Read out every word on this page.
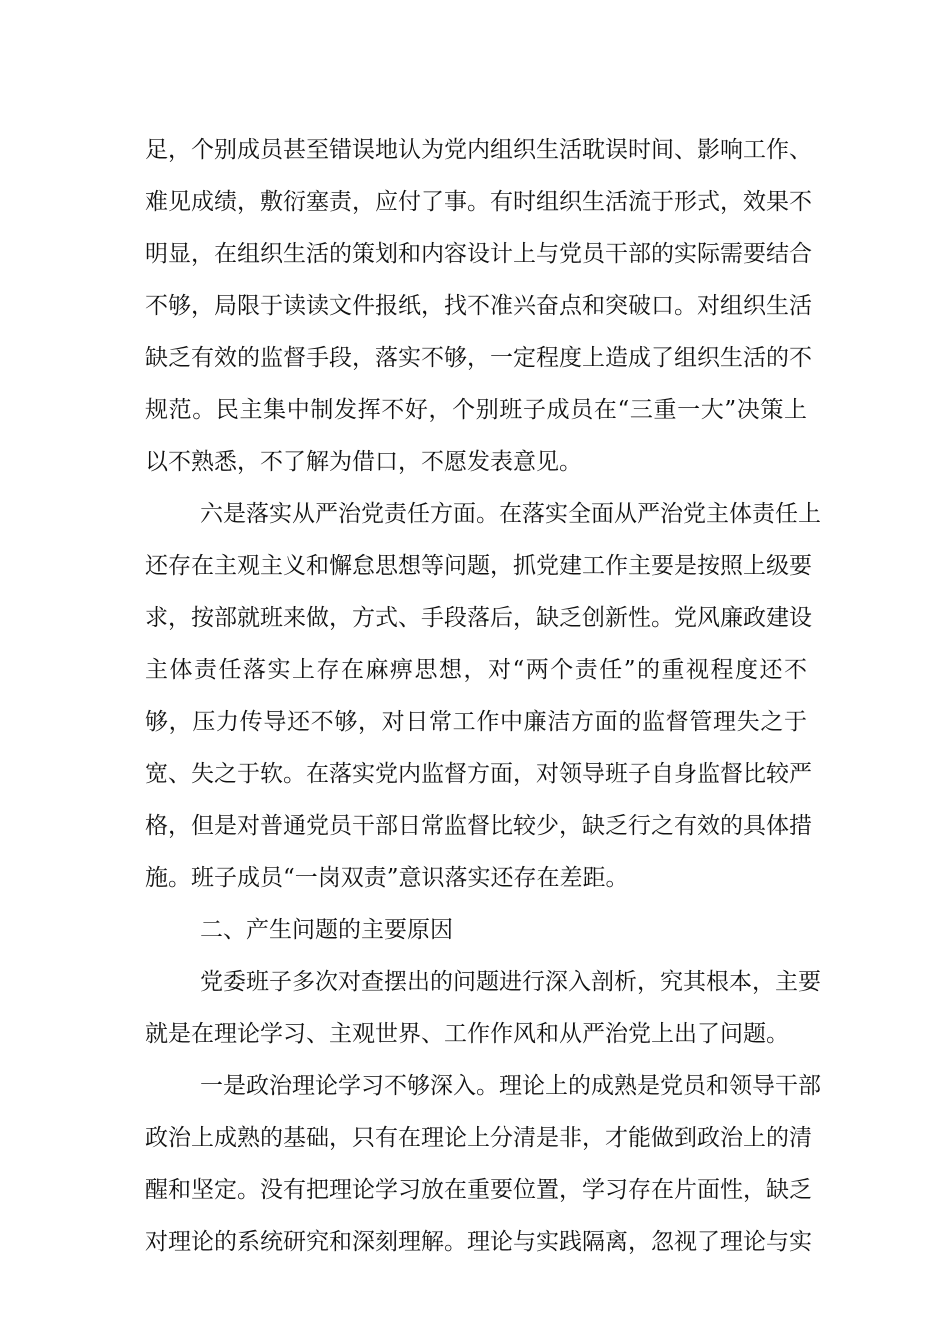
足，个别成员甚至错误地认为党内组织生活耽误时间、影响工作、
难见成绩，敷衍塞责，应付了事。有时组织生活流于形式，效果不
明显，在组织生活的策划和内容设计上与党员干部的实际需要结合
不够，局限于读读文件报纸，找不准兴奋点和突破口。对组织生活
缺乏有效的监督手段，落实不够，一定程度上造成了组织生活的不
规范。民主集中制发挥不好，个别班子成员在“三重一大”决策上
以不熟悉，不了解为借口，不愿发表意见。
六是落实从严治党责任方面。在落实全面从严治党主体责任上
还存在主观主义和懈怠思想等问题，抓党建工作主要是按照上级要
求，按部就班来做，方式、手段落后，缺乏创新性。党风廉政建设
主体责任落实上存在麻痹思想，对“两个责任”的重视程度还不
够，压力传导还不够，对日常工作中廉洁方面的监督管理失之于
宽、失之于软。在落实党内监督方面，对领导班子自身监督比较严
格，但是对普通党员干部日常监督比较少，缺乏行之有效的具体措
施。班子成员“一岗双责”意识落实还存在差距。
二、产生问题的主要原因
党委班子多次对查摆出的问题进行深入剖析，究其根本，主要
就是在理论学习、主观世界、工作作风和从严治党上出了问题。
一是政治理论学习不够深入。理论上的成熟是党员和领导干部
政治上成熟的基础，只有在理论上分清是非，才能做到政治上的清
醒和坚定。没有把理论学习放在重要位置，学习存在片面性，缺乏
对理论的系统研究和深刻理解。理论与实践隔离，忽视了理论与实
